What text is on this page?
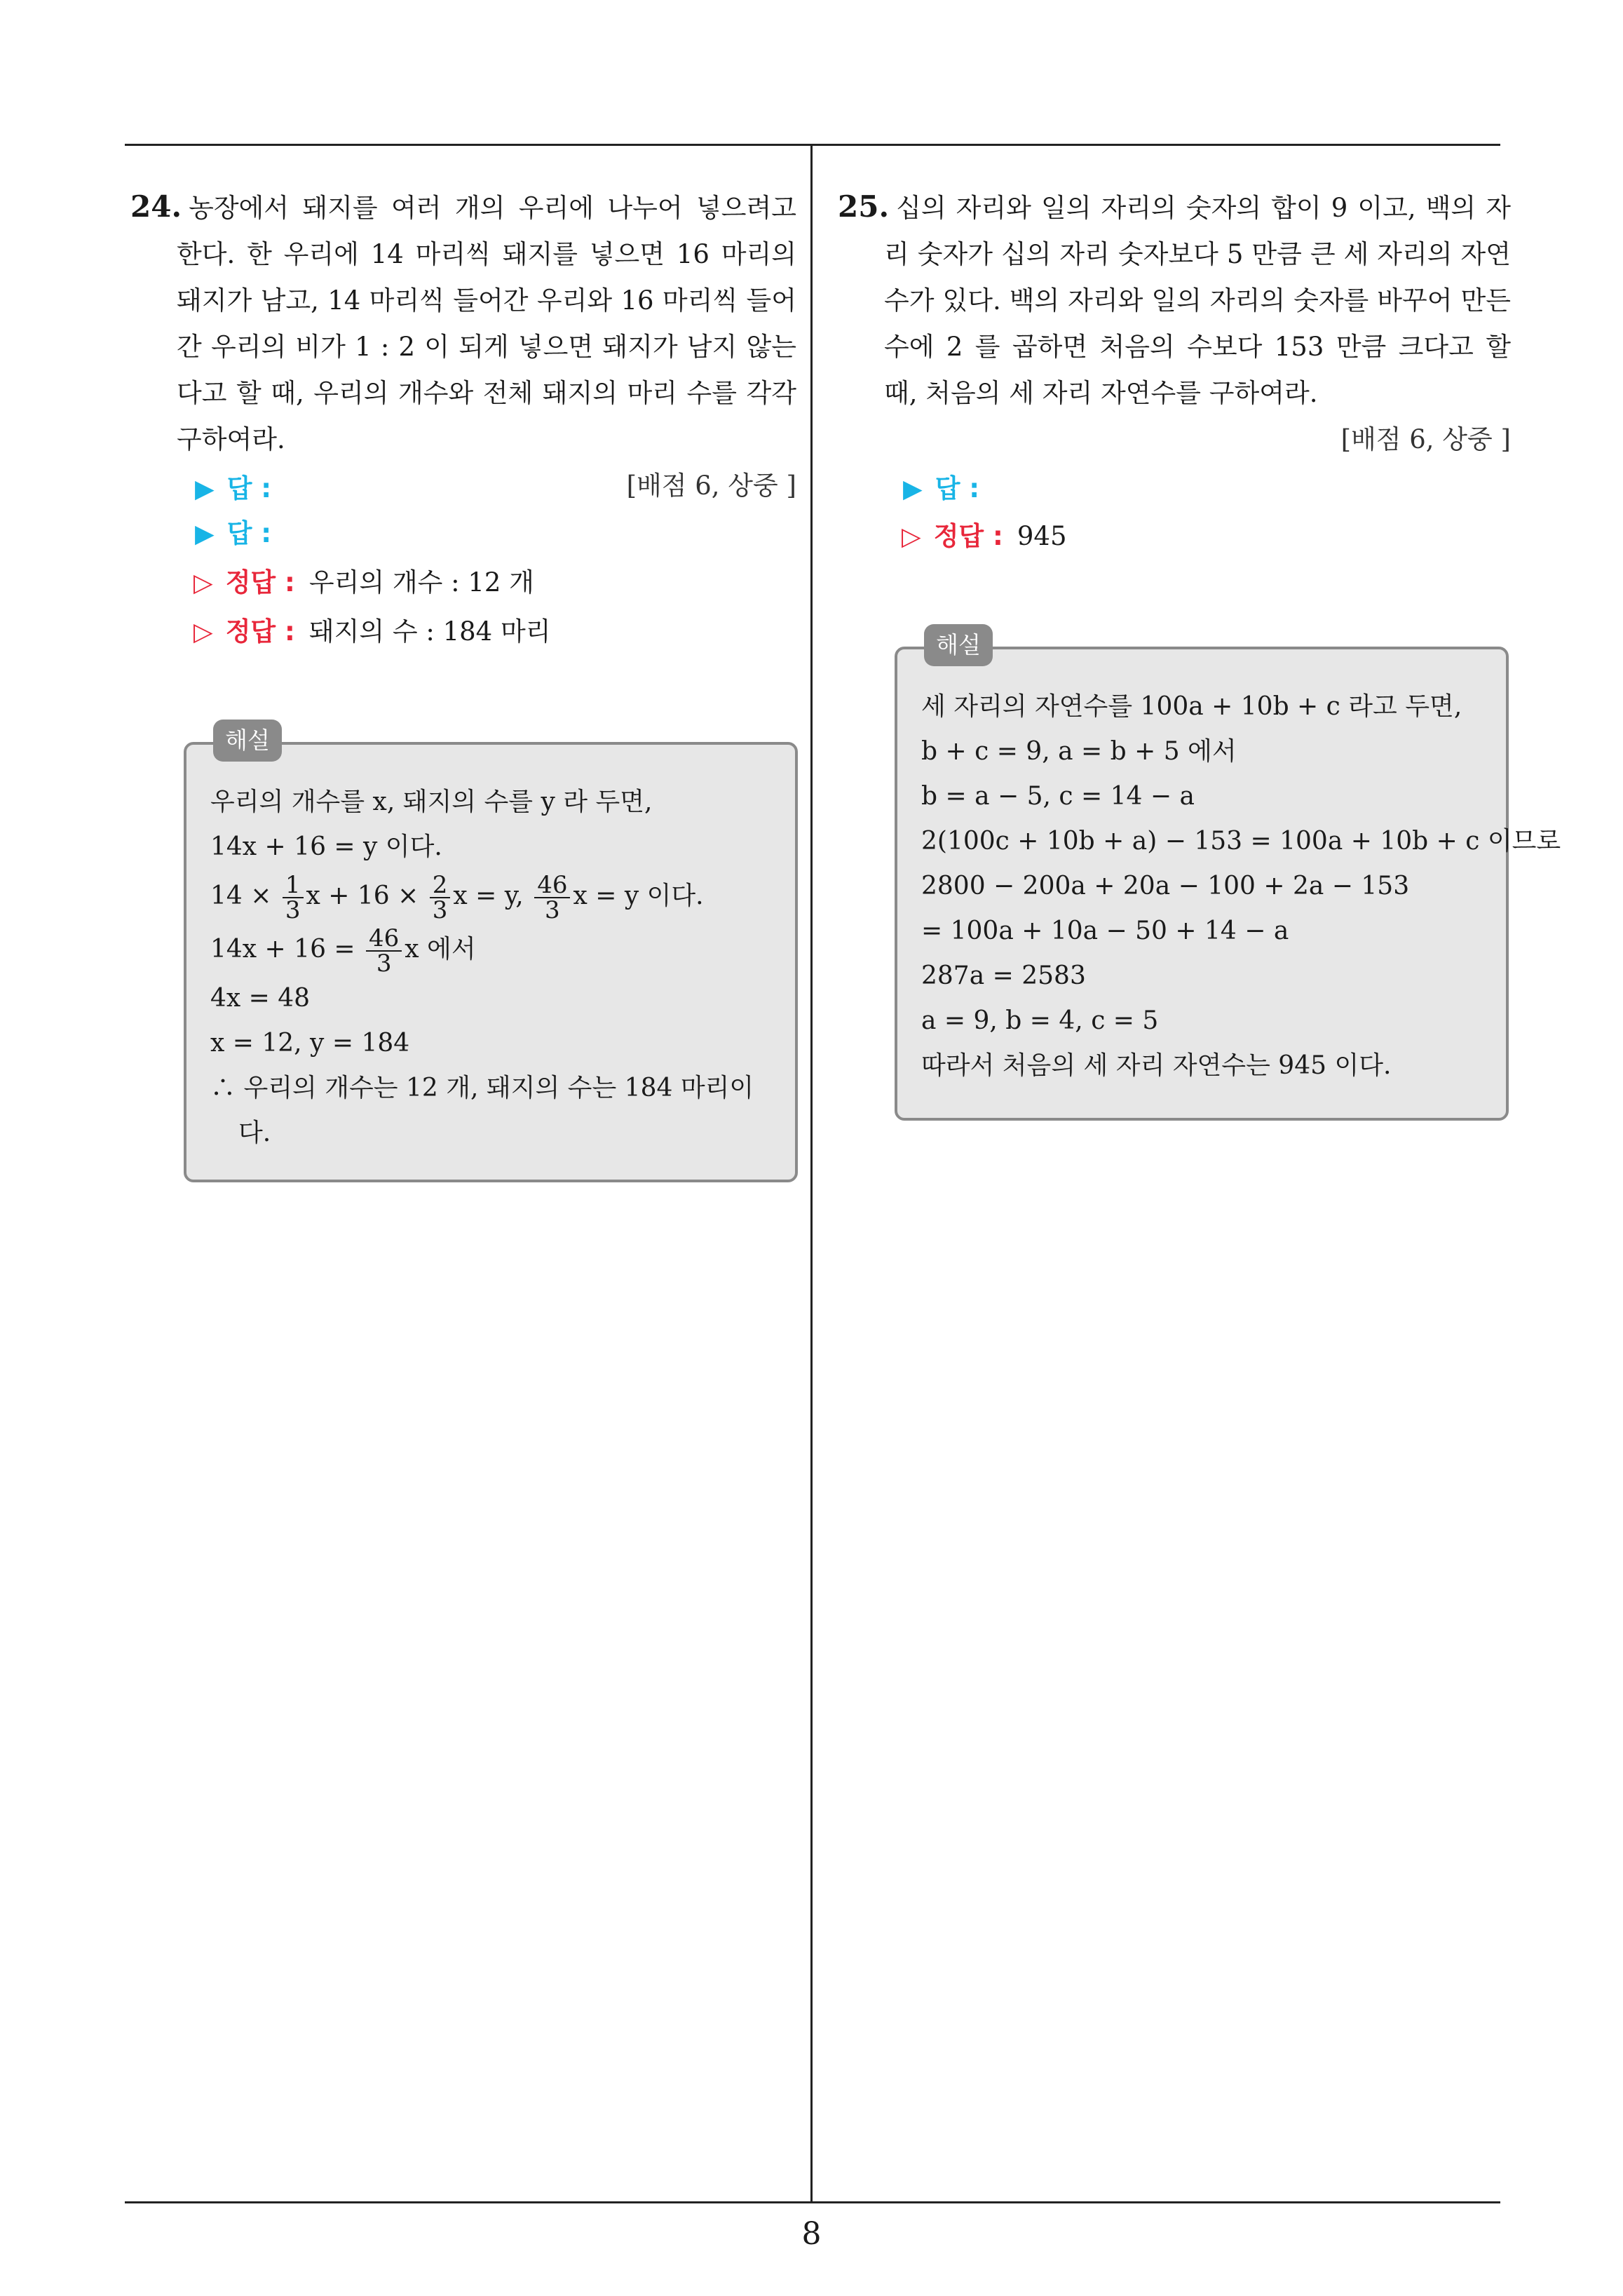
24. 농장에서 돼지를 여러 개의 우리에 나누어 넣으려고 한다. 한 우리에 14 마리씩 돼지를 넣으면 16 마리의 돼지가 남고, 14 마리씩 들어간 우리와 16 마리씩 들어간 우리의 비가 1 : 2 이 되게 넣으면 돼지가 남지 않는다고 할 때, 우리의 개수와 전체 돼지의 마리 수를 각각 구하여라.

[배점 6, 상중 ]
▶ 답 :
▶ 답 :
▷ 정답 : 우리의 개수 : 12 개
▷ 정답 : 돼지의 수 : 184 마리
해설
우리의 개수를 x, 돼지의 수를 y 라 두면,
14x + 16 = y 이다.
$14 \times \frac{1}{3}$ $x + 16 \times \frac{2}{3}$ x = y, $\frac{46}{3}$ x = y 이다.
$14x + 16 = \frac{46}{3}$ x 에서
4x = 48
x = 12, y = 184
∴ 우리의 개수는 12 개, 돼지의 수는 184 마리이다.

25. 십의 자리와 일의 자리의 숫자의 합이 9 이고, 백의 자리 숫자가 십의 자리 숫자보다 5 만큼 큰 세 자리의 자연수가 있다. 백의 자리와 일의 자리의 숫자를 바꾸어 만든 수에 2 를 곱하면 처음의 수보다 153 만큼 크다고 할 때, 처음의 세 자리 자연수를 구하여라.

[배점 6, 상중 ]
▶ 답 :
▷ 정답 : 945
해설
세 자리의 자연수를 100a + 10b + c 라고 두면,
b + c = 9, a = b + 5 에서
b = a − 5, c = 14 − a
2(100c + 10b + a) − 153 = 100a + 10b + c 이므로
2800 − 200a + 20a − 100 + 2a − 153
= 100a + 10a − 50 + 14 − a
287a = 2583
a = 9, b = 4, c = 5
따라서 처음의 세 자리 자연수는 945 이다.
8
